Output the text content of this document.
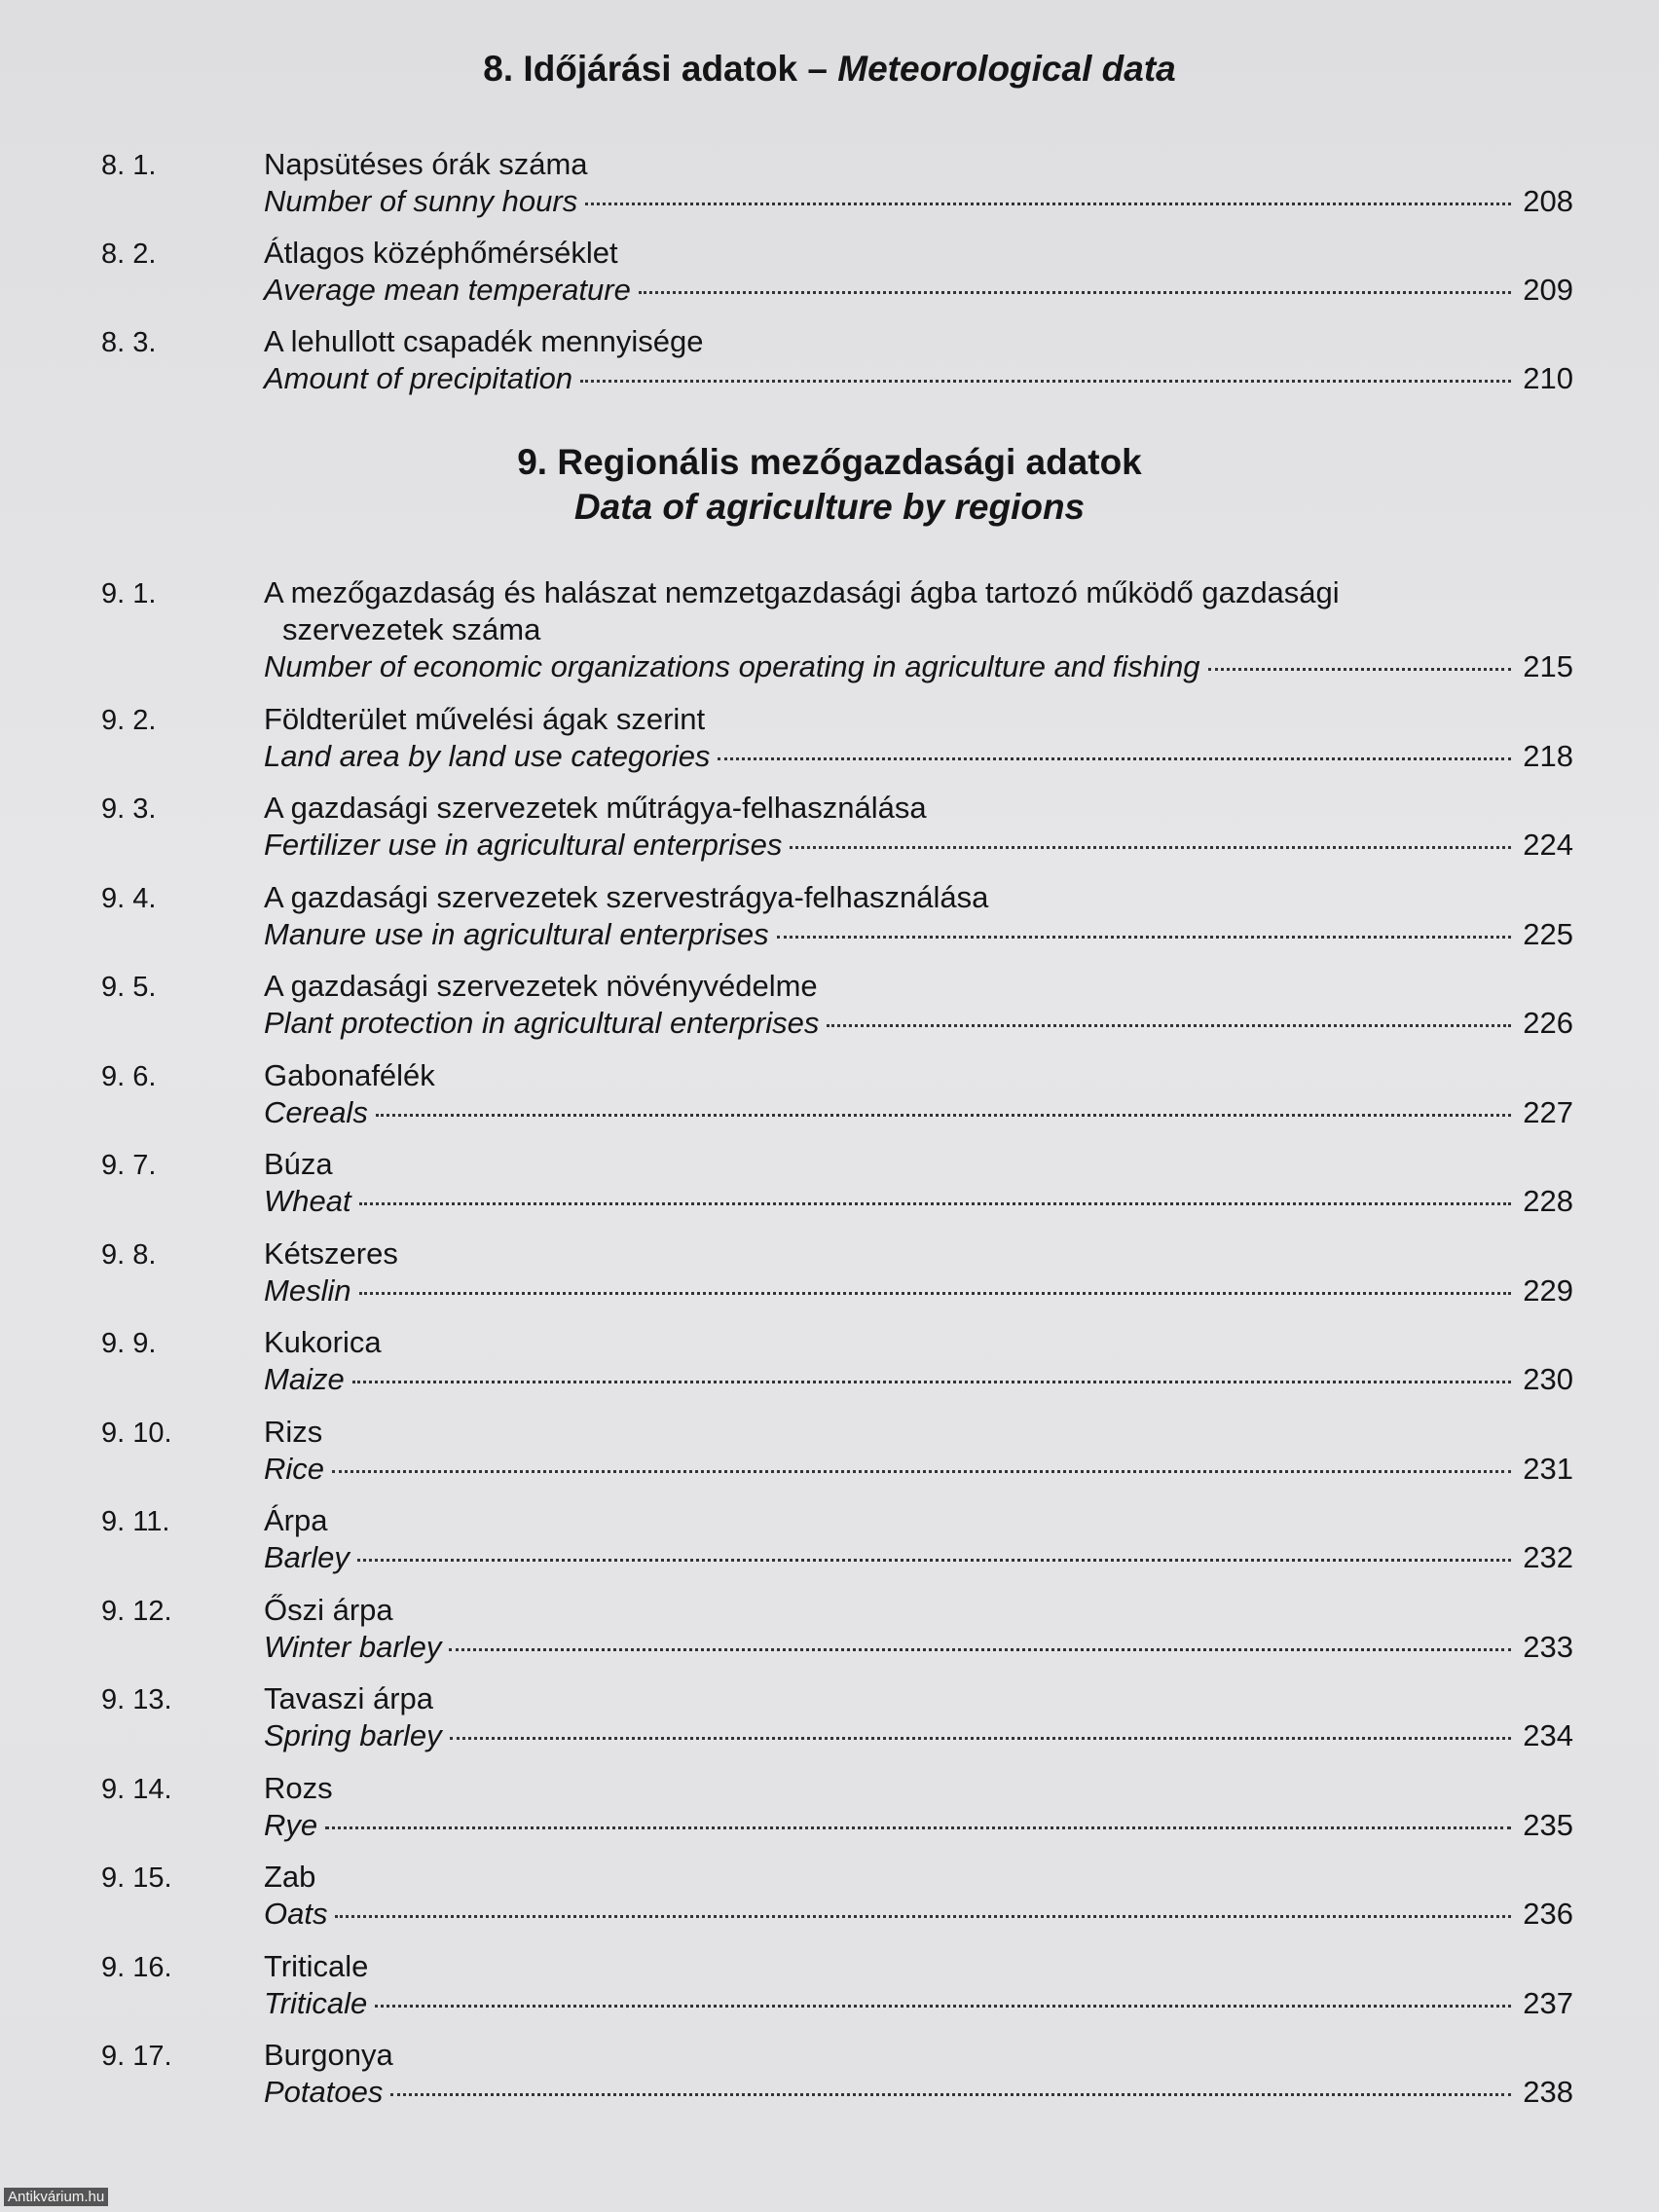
8. Időjárási adatok – Meteorological data
8. 1.	Napsütéses órák száma
Number of sunny hours	208
8. 2.	Átlagos középhőmérséklet
Average mean temperature	209
8. 3.	A lehullott csapadék mennyisége
Amount of precipitation	210
9. Regionális mezőgazdasági adatok
Data of agriculture by regions
9. 1.	A mezőgazdaság és halászat nemzetgazdasági ágba tartozó működő gazdasági
szervezetek száma
Number of economic organizations operating in agriculture and fishing	215
9. 2.	Földterület művelési ágak szerint
Land area by land use categories	218
9. 3.	A gazdasági szervezetek műtrágya-felhasználása
Fertilizer use in agricultural enterprises	224
9. 4.	A gazdasági szervezetek szervestrágya-felhasználása
Manure use in agricultural enterprises	225
9. 5.	A gazdasági szervezetek növényvédelme
Plant protection in agricultural enterprises	226
9. 6.	Gabonafélék
Cereals	227
9. 7.	Búza
Wheat	228
9. 8.	Kétszeres
Meslin	229
9. 9.	Kukorica
Maize	230
9. 10.	Rizs
Rice	231
9. 11.	Árpa
Barley	232
9. 12.	Őszi árpa
Winter barley	233
9. 13.	Tavaszi árpa
Spring barley	234
9. 14.	Rozs
Rye	235
9. 15.	Zab
Oats	236
9. 16.	Triticale
Triticale	237
9. 17.	Burgonya
Potatoes	238
Antikvárium.hu
